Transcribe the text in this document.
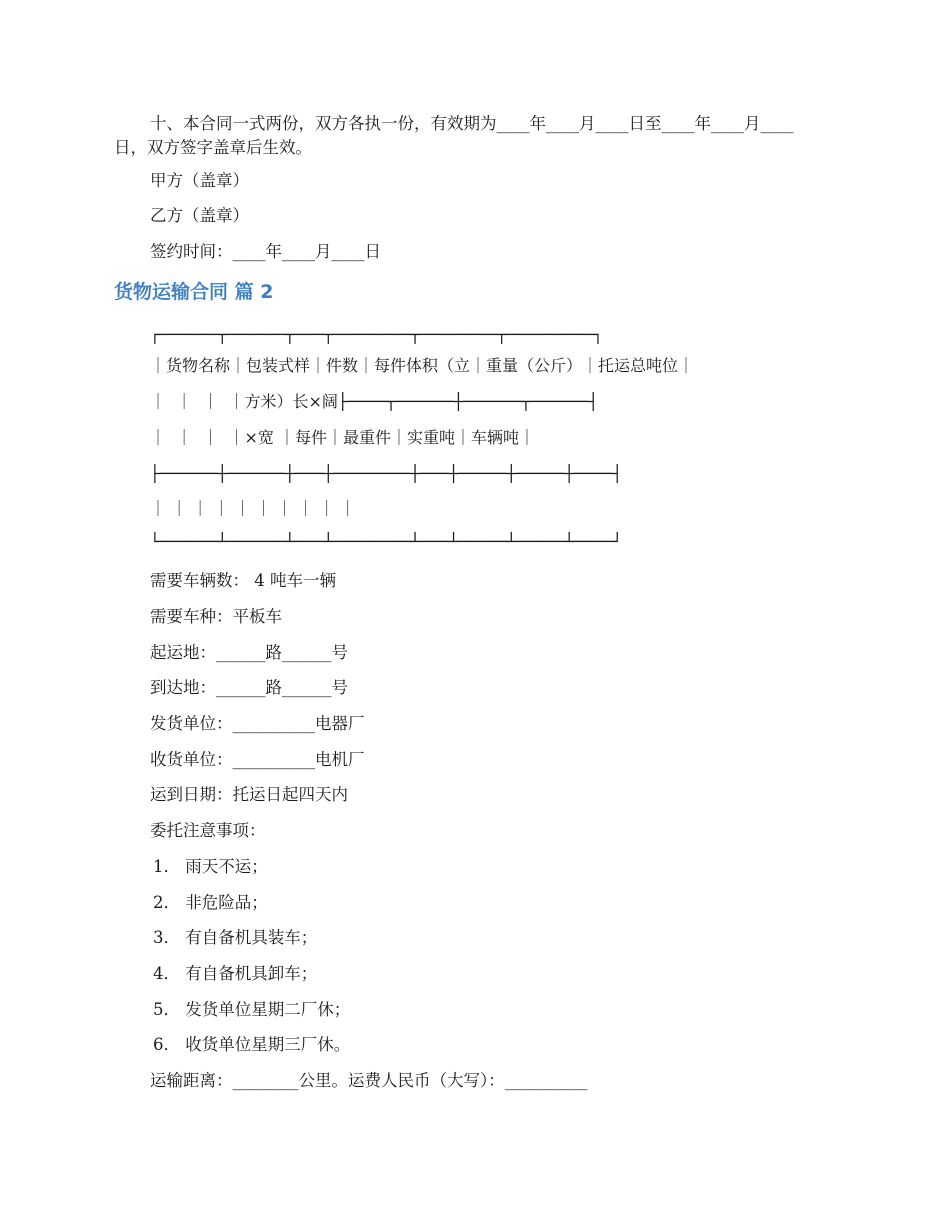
十、本合同一式两份，双方各执一份，有效期为____年____月____日至____年____月____日，双方签字盖章后生效。
甲方（盖章）
乙方（盖章）
签约时间：____年____月____日
货物运输合同 篇 2
┌──────┬──────┬───┬────────┬────────┬─────────┐
｜货物名称｜包装式样｜件数｜每件体积（立｜重量（公斤）｜托运总吨位｜
｜  ｜  ｜  ｜方米）长×阔├────┬──────┼──────┬──────┤
｜  ｜  ｜  ｜×宽 ｜每件｜最重件｜实重吨｜车辆吨｜
├──────┼──────┼───┼────────┼───┼─────┼─────┼────┤
｜ ｜ ｜ ｜ ｜ ｜ ｜ ｜ ｜ ｜
└──────┴──────┴───┴────────┴───┴─────┴─────┴────┘
需要车辆数： 4 吨车一辆
需要车种：平板车
起运地：______路______号
到达地：______路______号
发货单位：__________电器厂
收货单位：__________电机厂
运到日期：托运日起四天内
委托注意事项：
1． 雨天不运；
2． 非危险品；
3． 有自备机具装车；
4． 有自备机具卸车；
5． 发货单位星期二厂休；
6． 收货单位星期三厂休。
运输距离：________公里。运费人民币（大写）：__________
